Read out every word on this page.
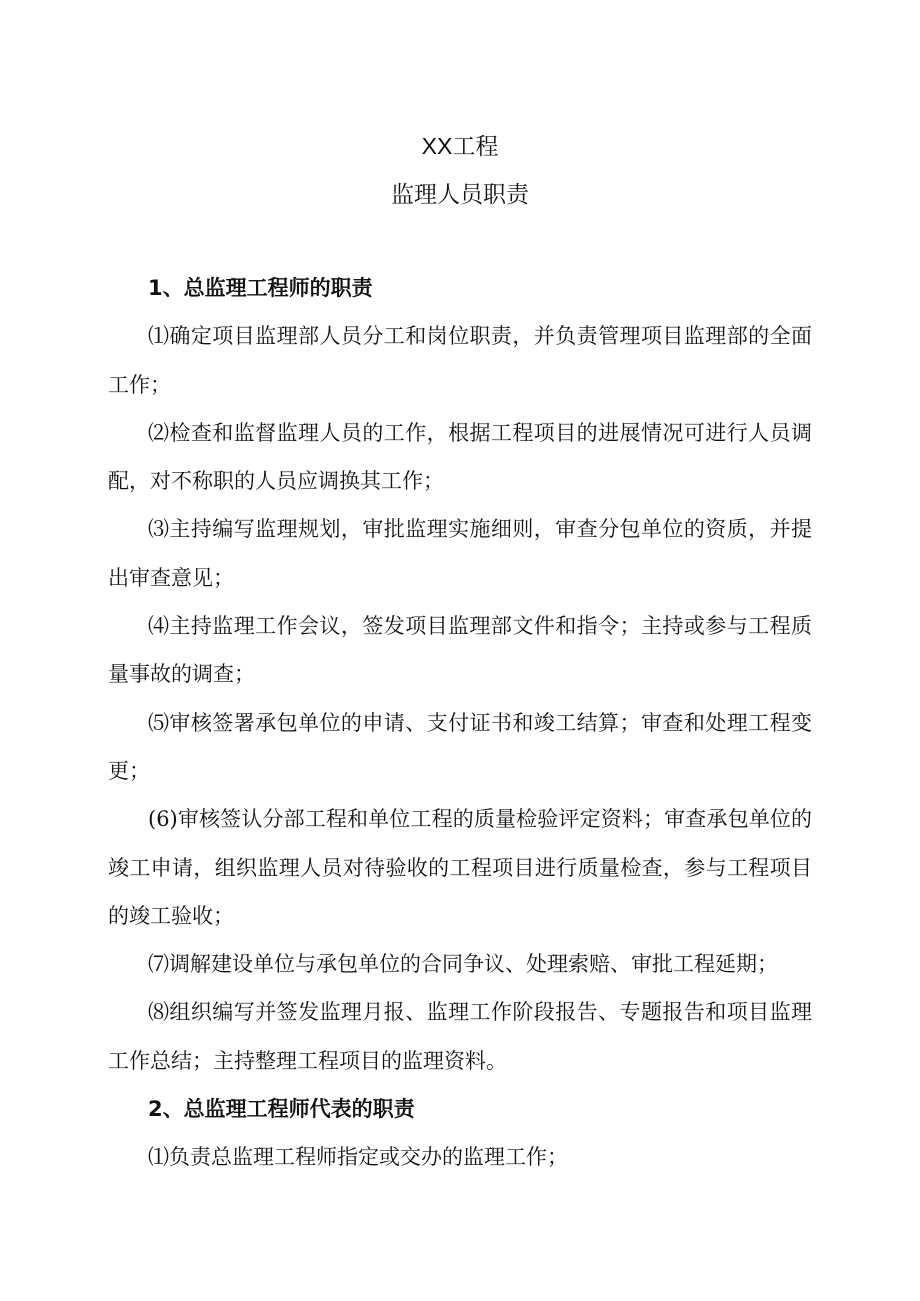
XX工程
监理人员职责
1、总监理工程师的职责
⑴确定项目监理部人员分工和岗位职责，并负责管理项目监理部的全面
工作；
⑵检查和监督监理人员的工作，根据工程项目的进展情况可进行人员调
配，对不称职的人员应调换其工作；
⑶主持编写监理规划，审批监理实施细则，审查分包单位的资质，并提
出审查意见；
⑷主持监理工作会议，签发项目监理部文件和指令；主持或参与工程质
量事故的调查；
⑸审核签署承包单位的申请、支付证书和竣工结算；审查和处理工程变
更；
(6)审核签认分部工程和单位工程的质量检验评定资料；审查承包单位的
竣工申请，组织监理人员对待验收的工程项目进行质量检查，参与工程项目
的竣工验收；
⑺调解建设单位与承包单位的合同争议、处理索赔、审批工程延期；
⑻组织编写并签发监理月报、监理工作阶段报告、专题报告和项目监理
工作总结；主持整理工程项目的监理资料。
2、总监理工程师代表的职责
⑴负责总监理工程师指定或交办的监理工作；
